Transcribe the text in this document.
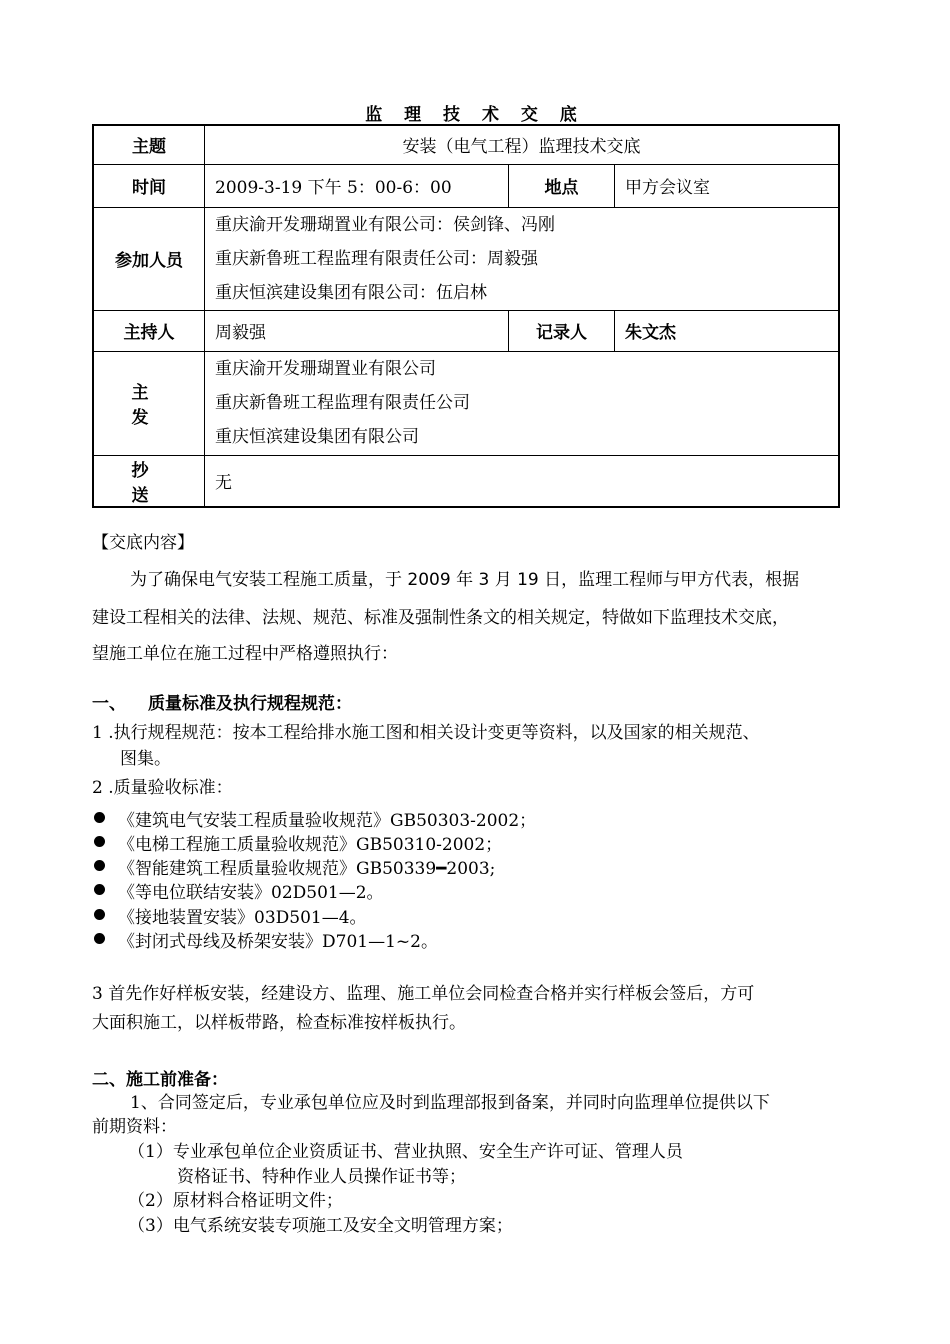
监 理 技 术 交 底
主题	安装（电气工程）监理技术交底		
时间	2009-3-19 下午 5：00-6：00	地点	甲方会议室
参加人员	重庆渝开发珊瑚置业有限公司：侯剑锋、冯刚
重庆新鲁班工程监理有限责任公司：周毅强
重庆恒滨建设集团有限公司：伍启林		

主持人	周毅强	记录人	朱文杰
主 发	重庆渝开发珊瑚置业有限公司
重庆新鲁班工程监理有限责任公司
重庆恒滨建设集团有限公司		

抄 送	无		
【交底内容】
为了确保电气安装工程施工质量，于 2009 年 3 月 19 日，监理工程师与甲方代表，根据
建设工程相关的法律、法规、规范、标准及强制性条文的相关规定，特做如下监理技术交底，
望施工单位在施工过程中严格遵照执行：
一、 质量标准及执行规程规范：
1 .执行规程规范：按本工程给排水施工图和相关设计变更等资料，以及国家的相关规范、
图集。
2 .质量验收标准：
《建筑电气安装工程质量验收规范》GB50303-2002；
《电梯工程施工质量验收规范》GB50310-2002；
《智能建筑工程质量验收规范》GB50339━2003;
《等电位联结安装》02D501—2。
《接地装置安装》03D501—4。
《封闭式母线及桥架安装》D701—1~2。
3 首先作好样板安装，经建设方、监理、施工单位会同检查合格并实行样板会签后，方可
大面积施工，以样板带路，检查标准按样板执行。
二、施工前准备：
1、合同签定后，专业承包单位应及时到监理部报到备案，并同时向监理单位提供以下
前期资料：
（1）专业承包单位企业资质证书、营业执照、安全生产许可证、管理人员
资格证书、特种作业人员操作证书等；
（2）原材料合格证明文件；
（3）电气系统安装专项施工及安全文明管理方案；
